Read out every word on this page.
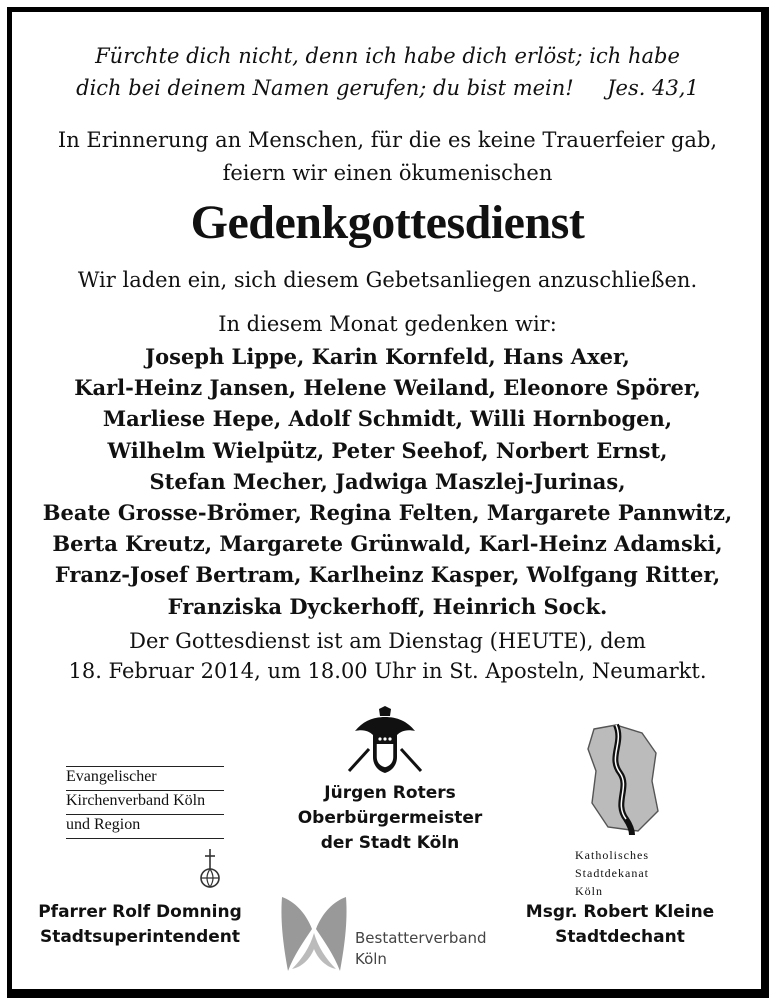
Fürchte dich nicht, denn ich habe dich erlöst; ich habe
dich bei deinem Namen gerufen; du bist mein! Jes. 43,1
In Erinnerung an Menschen, für die es keine Trauerfeier gab,
feiern wir einen ökumenischen
Gedenkgottesdienst
Wir laden ein, sich diesem Gebetsanliegen anzuschließen.
In diesem Monat gedenken wir:
Joseph Lippe, Karin Kornfeld, Hans Axer,
Karl-Heinz Jansen, Helene Weiland, Eleonore Spörer,
Marliese Hepe, Adolf Schmidt, Willi Hornbogen,
Wilhelm Wielpütz, Peter Seehof, Norbert Ernst,
Stefan Mecher, Jadwiga Maszlej-Jurinas,
Beate Grosse-Brömer, Regina Felten, Margarete Pannwitz,
Berta Kreutz, Margarete Grünwald, Karl-Heinz Adamski,
Franz-Josef Bertram, Karlheinz Kasper, Wolfgang Ritter,
Franziska Dyckerhoff, Heinrich Sock.
Der Gottesdienst ist am Dienstag (HEUTE), dem
18. Februar 2014, um 18.00 Uhr in St. Aposteln, Neumarkt.
Evangelischer
Kirchenverband Köln
und Region
Jürgen Roters
Oberbürgermeister
der Stadt Köln
Katholisches
Stadtdekanat
Köln
Pfarrer Rolf Domning
Stadtsuperintendent	Bestatterverband
Köln
Msgr. Robert Kleine
Stadtdechant
